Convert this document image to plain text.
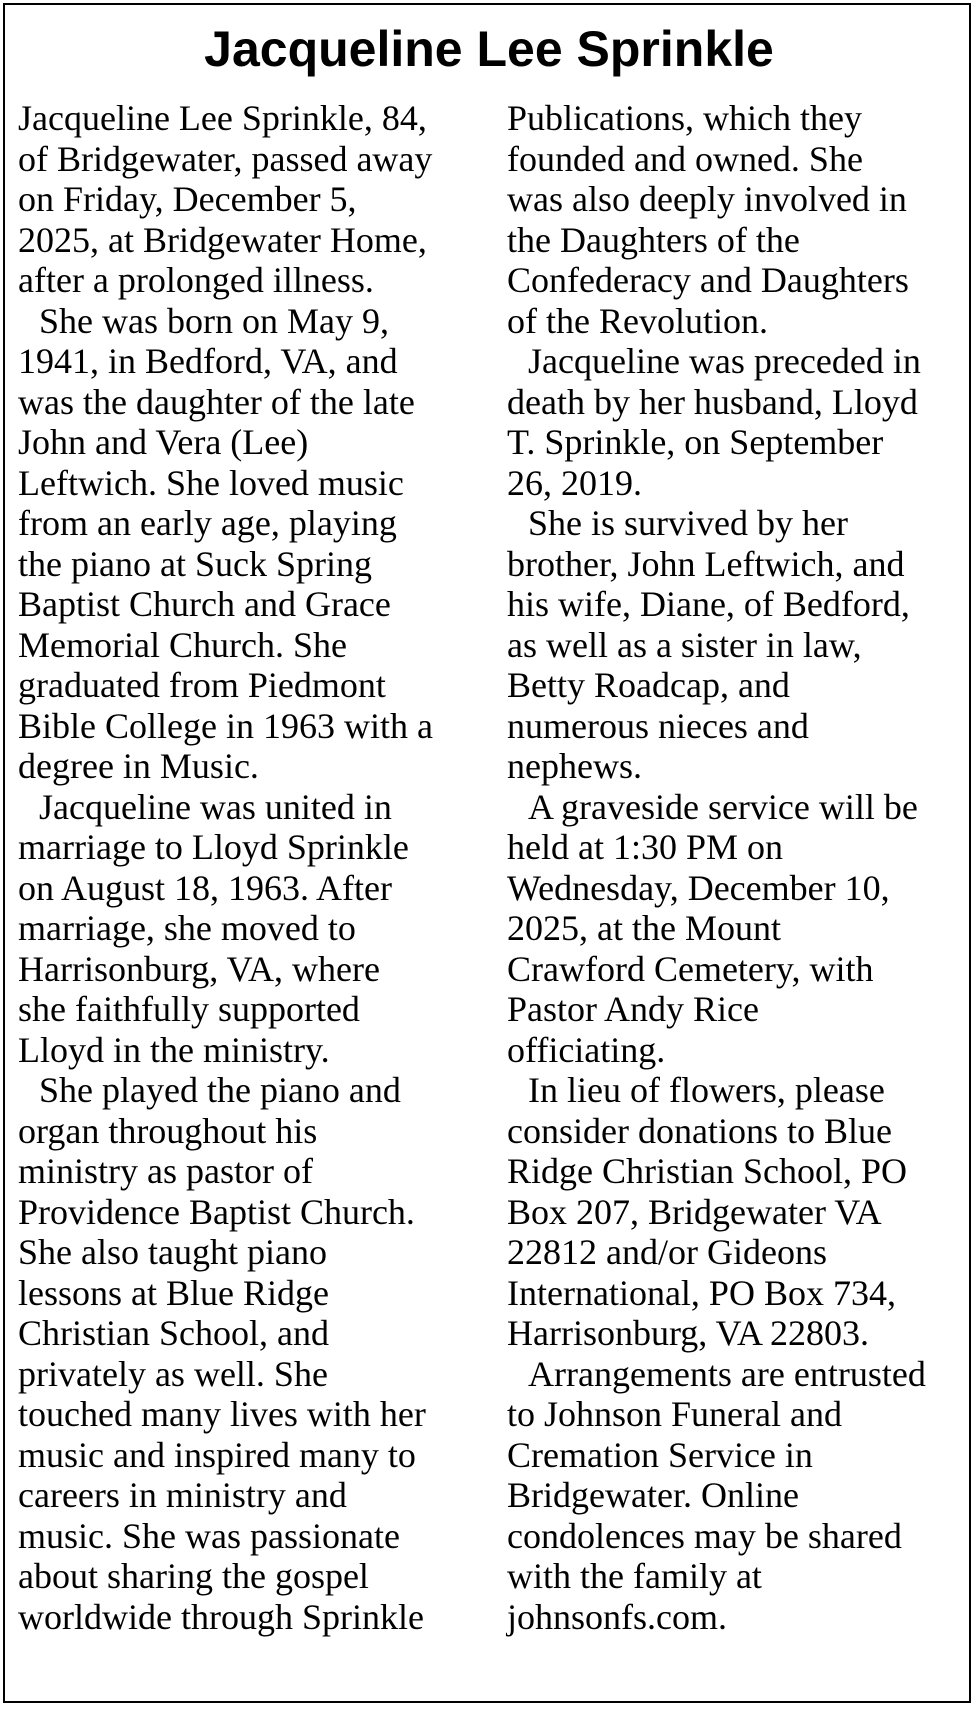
Jacqueline Lee Sprinkle
Jacqueline Lee Sprinkle, 84,
of Bridgewater, passed away
on Friday, December 5,
2025, at Bridgewater Home,
after a prolonged illness.
She was born on May 9,
1941, in Bedford, VA, and
was the daughter of the late
John and Vera (Lee)
Leftwich. She loved music
from an early age, playing
the piano at Suck Spring
Baptist Church and Grace
Memorial Church. She
graduated from Piedmont
Bible College in 1963 with a
degree in Music.
Jacqueline was united in
marriage to Lloyd Sprinkle
on August 18, 1963. After
marriage, she moved to
Harrisonburg, VA, where
she faithfully supported
Lloyd in the ministry.
She played the piano and
organ throughout his
ministry as pastor of
Providence Baptist Church.
She also taught piano
lessons at Blue Ridge
Christian School, and
privately as well. She
touched many lives with her
music and inspired many to
careers in ministry and
music. She was passionate
about sharing the gospel
worldwide through Sprinkle
Publications, which they
founded and owned. She
was also deeply involved in
the Daughters of the
Confederacy and Daughters
of the Revolution.
Jacqueline was preceded in
death by her husband, Lloyd
T. Sprinkle, on September
26, 2019.
She is survived by her
brother, John Leftwich, and
his wife, Diane, of Bedford,
as well as a sister in law,
Betty Roadcap, and
numerous nieces and
nephews.
A graveside service will be
held at 1:30 PM on
Wednesday, December 10,
2025, at the Mount
Crawford Cemetery, with
Pastor Andy Rice
officiating.
In lieu of flowers, please
consider donations to Blue
Ridge Christian School, PO
Box 207, Bridgewater VA
22812 and/or Gideons
International, PO Box 734,
Harrisonburg, VA 22803.
Arrangements are entrusted
to Johnson Funeral and
Cremation Service in
Bridgewater. Online
condolences may be shared
with the family at
johnsonfs.com.
